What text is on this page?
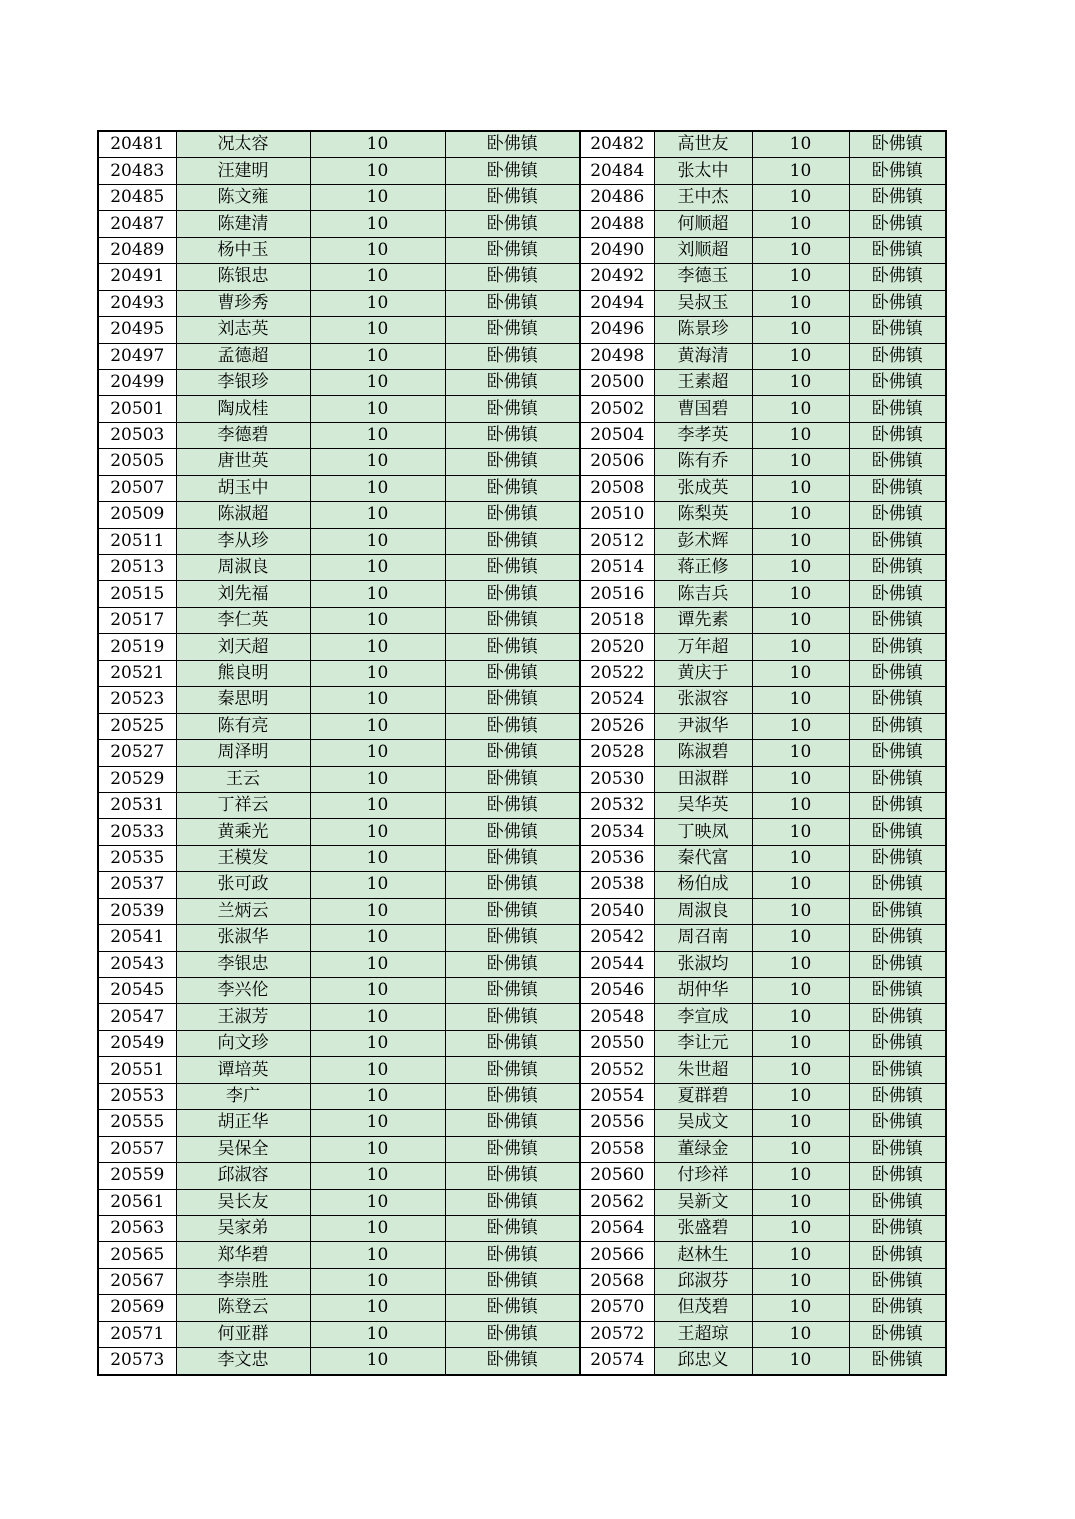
20481	况太容	10	卧佛镇	20482	高世友	10	卧佛镇
20483	汪建明	10	卧佛镇	20484	张太中	10	卧佛镇
20485	陈文雍	10	卧佛镇	20486	王中杰	10	卧佛镇
20487	陈建清	10	卧佛镇	20488	何顺超	10	卧佛镇
20489	杨中玉	10	卧佛镇	20490	刘顺超	10	卧佛镇
20491	陈银忠	10	卧佛镇	20492	李德玉	10	卧佛镇
20493	曹珍秀	10	卧佛镇	20494	吴叔玉	10	卧佛镇
20495	刘志英	10	卧佛镇	20496	陈景珍	10	卧佛镇
20497	孟德超	10	卧佛镇	20498	黄海清	10	卧佛镇
20499	李银珍	10	卧佛镇	20500	王素超	10	卧佛镇
20501	陶成桂	10	卧佛镇	20502	曹国碧	10	卧佛镇
20503	李德碧	10	卧佛镇	20504	李孝英	10	卧佛镇
20505	唐世英	10	卧佛镇	20506	陈有乔	10	卧佛镇
20507	胡玉中	10	卧佛镇	20508	张成英	10	卧佛镇
20509	陈淑超	10	卧佛镇	20510	陈梨英	10	卧佛镇
20511	李从珍	10	卧佛镇	20512	彭术辉	10	卧佛镇
20513	周淑良	10	卧佛镇	20514	蒋正修	10	卧佛镇
20515	刘先福	10	卧佛镇	20516	陈吉兵	10	卧佛镇
20517	李仁英	10	卧佛镇	20518	谭先素	10	卧佛镇
20519	刘天超	10	卧佛镇	20520	万年超	10	卧佛镇
20521	熊良明	10	卧佛镇	20522	黄庆于	10	卧佛镇
20523	秦思明	10	卧佛镇	20524	张淑容	10	卧佛镇
20525	陈有亮	10	卧佛镇	20526	尹淑华	10	卧佛镇
20527	周泽明	10	卧佛镇	20528	陈淑碧	10	卧佛镇
20529	王云	10	卧佛镇	20530	田淑群	10	卧佛镇
20531	丁祥云	10	卧佛镇	20532	吴华英	10	卧佛镇
20533	黄乘光	10	卧佛镇	20534	丁映凤	10	卧佛镇
20535	王模发	10	卧佛镇	20536	秦代富	10	卧佛镇
20537	张可政	10	卧佛镇	20538	杨伯成	10	卧佛镇
20539	兰炳云	10	卧佛镇	20540	周淑良	10	卧佛镇
20541	张淑华	10	卧佛镇	20542	周召南	10	卧佛镇
20543	李银忠	10	卧佛镇	20544	张淑均	10	卧佛镇
20545	李兴伦	10	卧佛镇	20546	胡仲华	10	卧佛镇
20547	王淑芳	10	卧佛镇	20548	李宣成	10	卧佛镇
20549	向文珍	10	卧佛镇	20550	李让元	10	卧佛镇
20551	谭培英	10	卧佛镇	20552	朱世超	10	卧佛镇
20553	李广	10	卧佛镇	20554	夏群碧	10	卧佛镇
20555	胡正华	10	卧佛镇	20556	吴成文	10	卧佛镇
20557	吴保全	10	卧佛镇	20558	董绿金	10	卧佛镇
20559	邱淑容	10	卧佛镇	20560	付珍祥	10	卧佛镇
20561	吴长友	10	卧佛镇	20562	吴新文	10	卧佛镇
20563	吴家弟	10	卧佛镇	20564	张盛碧	10	卧佛镇
20565	郑华碧	10	卧佛镇	20566	赵林生	10	卧佛镇
20567	李崇胜	10	卧佛镇	20568	邱淑芬	10	卧佛镇
20569	陈登云	10	卧佛镇	20570	但茂碧	10	卧佛镇
20571	何亚群	10	卧佛镇	20572	王超琼	10	卧佛镇
20573	李文忠	10	卧佛镇	20574	邱忠义	10	卧佛镇
